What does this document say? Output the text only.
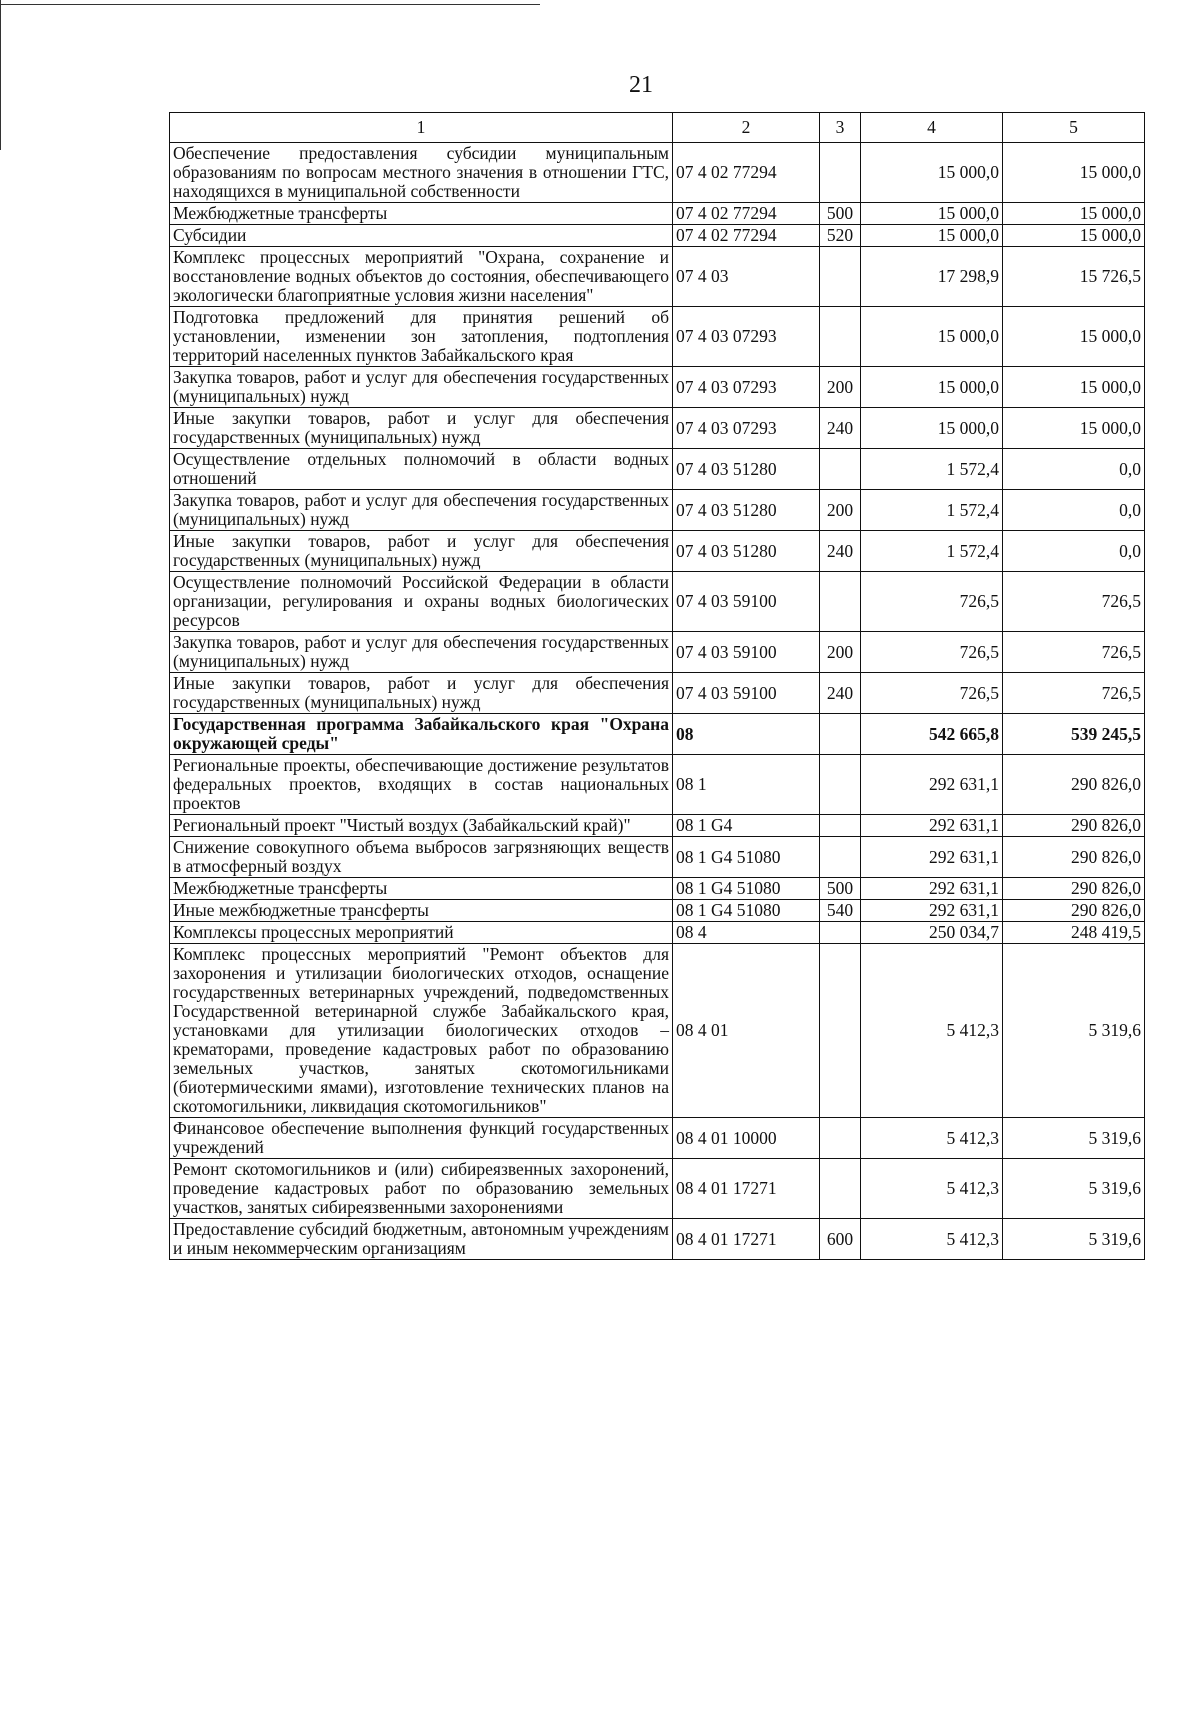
21
1	2	3	4	5
Обеспечение предоставления субсидии муниципальным образованиям по вопросам местного значения в отношении ГТС, находящихся в муниципальной собственности	07 4 02 77294		15 000,0	15 000,0
Межбюджетные трансферты	07 4 02 77294	500	15 000,0	15 000,0
Субсидии	07 4 02 77294	520	15 000,0	15 000,0
Комплекс процессных мероприятий "Охрана, сохранение и восстановление водных объектов до состояния, обеспечивающего экологически благоприятные условия жизни населения"	07 4 03		17 298,9	15 726,5
Подготовка предложений для принятия решений об установлении, изменении зон затопления, подтопления территорий населенных пунктов Забайкальского края	07 4 03 07293		15 000,0	15 000,0
Закупка товаров, работ и услуг для обеспечения государственных (муниципальных) нужд	07 4 03 07293	200	15 000,0	15 000,0
Иные закупки товаров, работ и услуг для обеспечения государственных (муниципальных) нужд	07 4 03 07293	240	15 000,0	15 000,0
Осуществление отдельных полномочий в области водных отношений	07 4 03 51280		1 572,4	0,0
Закупка товаров, работ и услуг для обеспечения государственных (муниципальных) нужд	07 4 03 51280	200	1 572,4	0,0
Иные закупки товаров, работ и услуг для обеспечения государственных (муниципальных) нужд	07 4 03 51280	240	1 572,4	0,0
Осуществление полномочий Российской Федерации в области организации, регулирования и охраны водных биологических ресурсов	07 4 03 59100		726,5	726,5
Закупка товаров, работ и услуг для обеспечения государственных (муниципальных) нужд	07 4 03 59100	200	726,5	726,5
Иные закупки товаров, работ и услуг для обеспечения государственных (муниципальных) нужд	07 4 03 59100	240	726,5	726,5
Государственная программа Забайкальского края "Охрана окружающей среды"	08		542 665,8	539 245,5
Региональные проекты, обеспечивающие достижение результатов федеральных проектов, входящих в состав национальных проектов	08 1		292 631,1	290 826,0
Региональный проект "Чистый воздух (Забайкальский край)"	08 1 G4		292 631,1	290 826,0
Снижение совокупного объема выбросов загрязняющих веществ в атмосферный воздух	08 1 G4 51080		292 631,1	290 826,0
Межбюджетные трансферты	08 1 G4 51080	500	292 631,1	290 826,0
Иные межбюджетные трансферты	08 1 G4 51080	540	292 631,1	290 826,0
Комплексы процессных мероприятий	08 4		250 034,7	248 419,5
Комплекс процессных мероприятий "Ремонт объектов для захоронения и утилизации биологических отходов, оснащение государственных ветеринарных учреждений, подведомственных Государственной ветеринарной службе Забайкальского края, установками для утилизации биологических отходов – крематорами, проведение кадастровых работ по образованию земельных участков, занятых скотомогильниками (биотермическими ямами), изготовление технических планов на скотомогильники, ликвидация скотомогильников"	08 4 01		5 412,3	5 319,6
Финансовое обеспечение выполнения функций государственных учреждений	08 4 01 10000		5 412,3	5 319,6
Ремонт скотомогильников и (или) сибиреязвенных захоронений, проведение кадастровых работ по образованию земельных участков, занятых сибиреязвенными захоронениями	08 4 01 17271		5 412,3	5 319,6
Предоставление субсидий бюджетным, автономным учреждениям и иным некоммерческим организациям	08 4 01 17271	600	5 412,3	5 319,6
